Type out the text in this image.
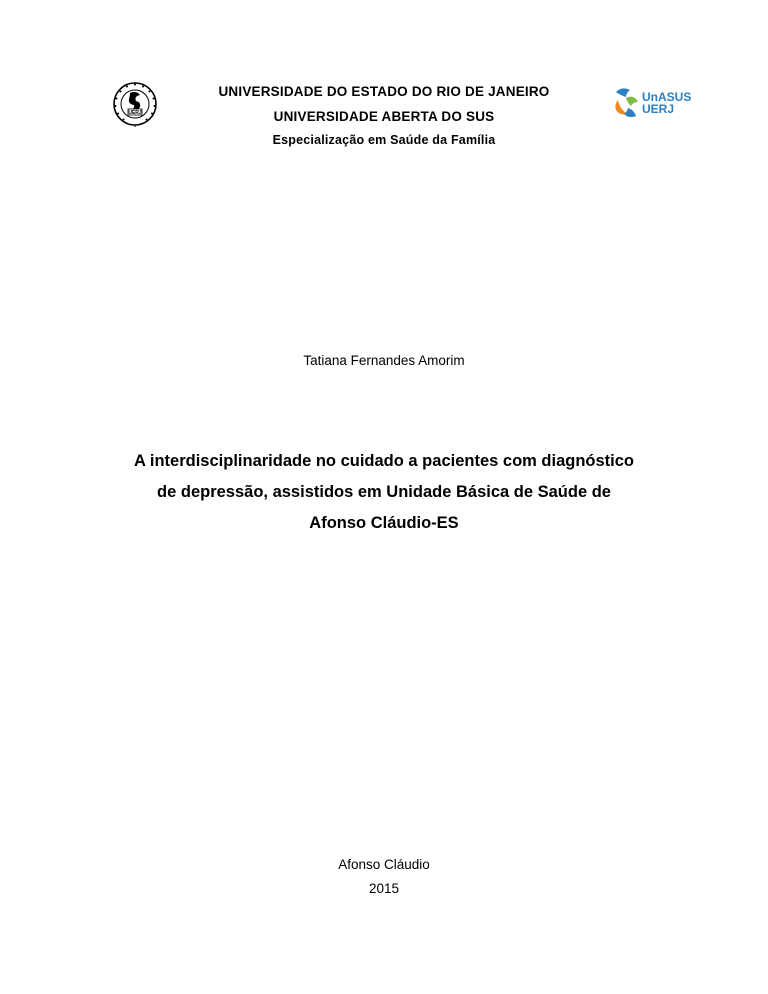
UERJ
UnASUS
UERJ
UNIVERSIDADE DO ESTADO DO RIO DE JANEIRO
UNIVERSIDADE ABERTA DO SUS
Especialização em Saúde da Família
Tatiana Fernandes Amorim
A interdisciplinaridade no cuidado a pacientes com diagnóstico
de depressão, assistidos em Unidade Básica de Saúde de
Afonso Cláudio-ES
Afonso Cláudio
2015
